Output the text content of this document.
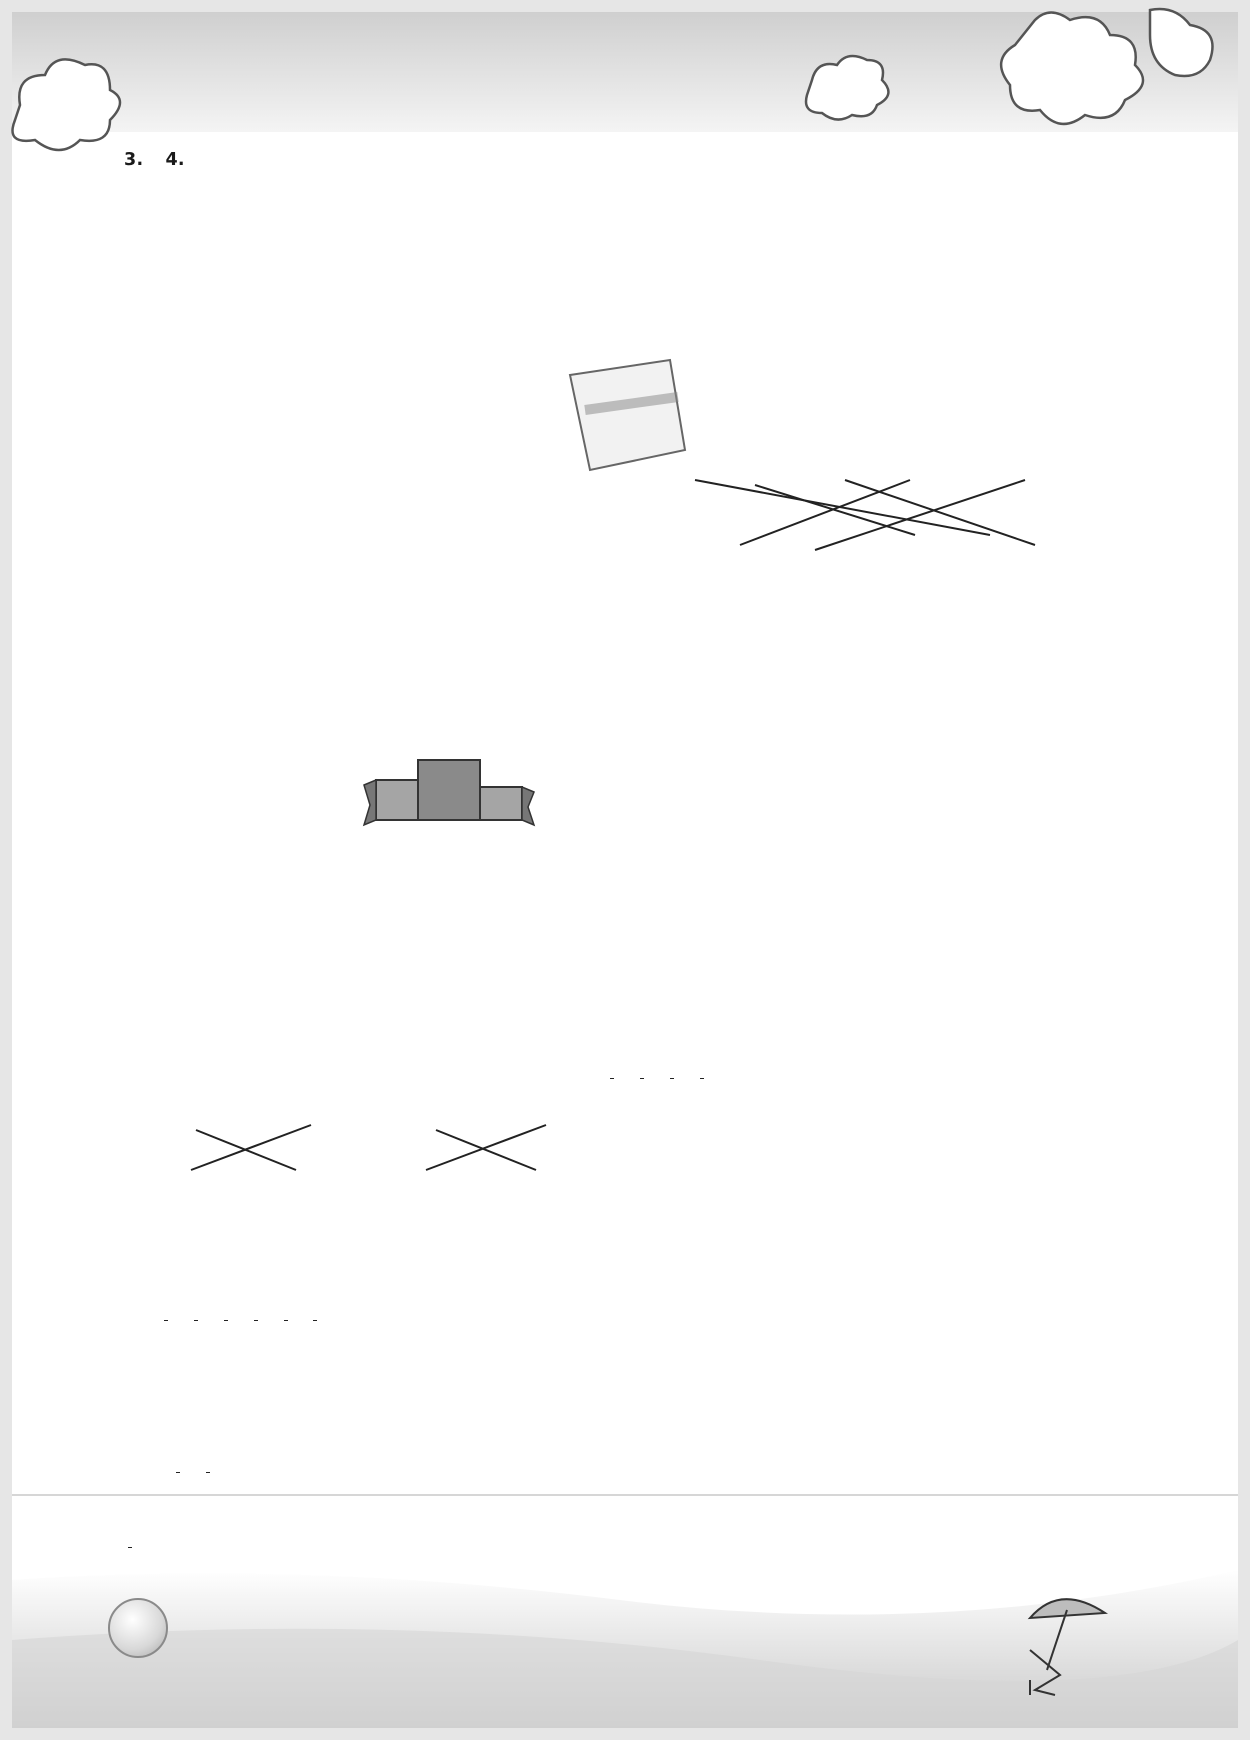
3. 4.
